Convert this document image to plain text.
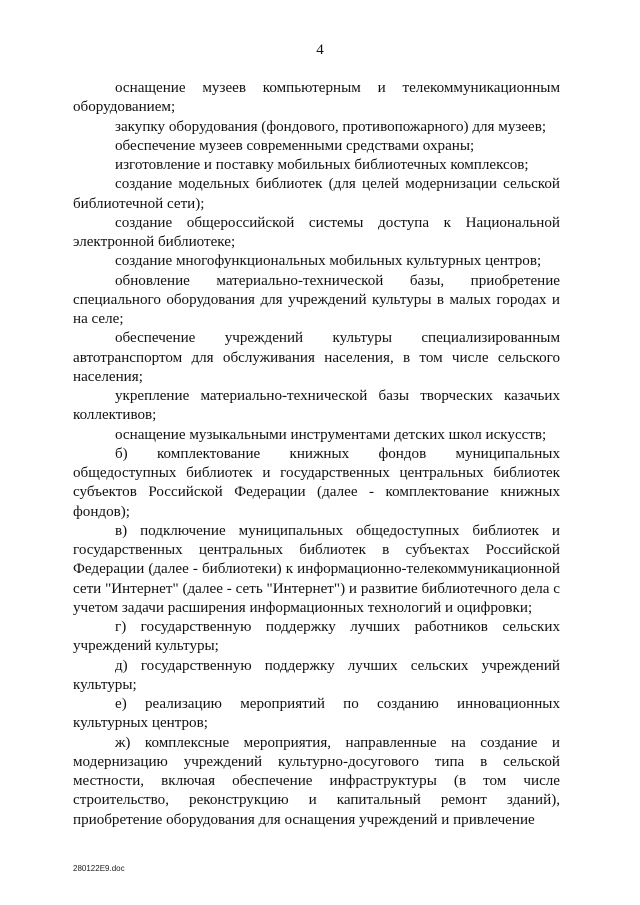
4

оснащение музеев компьютерным и телекоммуникационным оборудованием;

закупку оборудования (фондового, противопожарного) для музеев;

обеспечение музеев современными средствами охраны;

изготовление и поставку мобильных библиотечных комплексов;

создание модельных библиотек (для целей модернизации сельской библиотечной сети);

создание общероссийской системы доступа к Национальной электронной библиотеке;

создание многофункциональных мобильных культурных центров;

обновление материально-технической базы, приобретение специального оборудования для учреждений культуры в малых городах и на селе;

обеспечение учреждений культуры специализированным автотранспортом для обслуживания населения, в том числе сельского населения;

укрепление материально-технической базы творческих казачьих коллективов;

оснащение музыкальными инструментами детских школ искусств;

б) комплектование книжных фондов муниципальных общедоступных библиотек и государственных центральных библиотек субъектов Российской Федерации (далее - комплектование книжных фондов);

в) подключение муниципальных общедоступных библиотек и государственных центральных библиотек в субъектах Российской Федерации (далее - библиотеки) к информационно-телекоммуникационной сети "Интернет" (далее - сеть "Интернет") и развитие библиотечного дела с учетом задачи расширения информационных технологий и оцифровки;

г) государственную поддержку лучших работников сельских учреждений культуры;

д) государственную поддержку лучших сельских учреждений культуры;

е) реализацию мероприятий по созданию инновационных культурных центров;

ж) комплексные мероприятия, направленные на создание и модернизацию учреждений культурно-досугового типа в сельской местности, включая обеспечение инфраструктуры (в том числе строительство, реконструкцию и капитальный ремонт зданий), приобретение оборудования для оснащения учреждений и привлечение

280122E9.doc
